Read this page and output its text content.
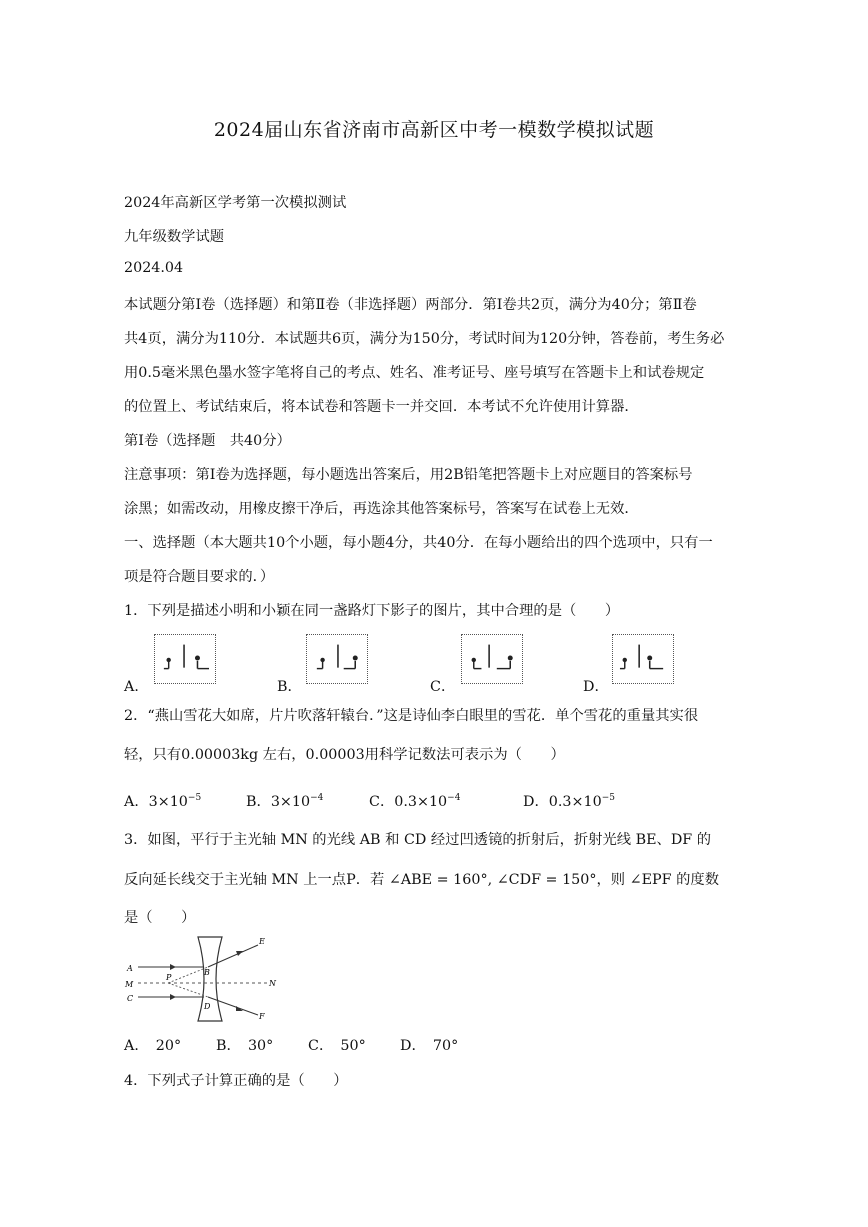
2024届山东省济南市高新区中考一模数学模拟试题
2024年高新区学考第一次模拟测试
九年级数学试题
2024.04
本试题分第Ⅰ卷（选择题）和第Ⅱ卷（非选择题）两部分．第Ⅰ卷共2页，满分为40分；第Ⅱ卷
共4页，满分为110分．本试题共6页，满分为150分，考试时间为120分钟，答卷前，考生务必
用0.5毫米黑色墨水签字笔将自己的考点、姓名、准考证号、座号填写在答题卡上和试卷规定
的位置上、考试结束后，将本试卷和答题卡一并交回．本考试不允许使用计算器．
第Ⅰ卷（选择题　共40分）
注意事项：第Ⅰ卷为选择题，每小题选出答案后，用2B铅笔把答题卡上对应题目的答案标号
涂黑；如需改动，用橡皮擦干净后，再选涂其他答案标号，答案写在试卷上无效．
一、选择题（本大题共10个小题，每小题4分，共40分．在每小题给出的四个选项中，只有一
项是符合题目要求的．）
1．下列是描述小明和小颖在同一盏路灯下影子的图片，其中合理的是（　　）
A．	B．	C．	D．
2．“燕山雪花大如席，片片吹落轩辕台．”这是诗仙李白眼里的雪花．单个雪花的重量其实很
轻，只有0.00003kg 左右，0.00003用科学记数法可表示为（　　）
A．$3\times 10^{-5}$	B．$3\times 10^{-4}$	C．$0.3\times 10^{-4}$	D．$0.3\times 10^{-5}$
3．如图，平行于主光轴 MN 的光线 AB 和 CD 经过凹透镜的折射后，折射光线 BE、DF 的
反向延长线交于主光轴 MN 上一点P．若 ∠ABE = 160°, ∠CDF = 150°，则 ∠EPF 的度数
是（　　）
A
M
C
P
B
D
E
N
F
A．　20° B．　30° C．　50° D．　70°
4．下列式子计算正确的是（　　）
